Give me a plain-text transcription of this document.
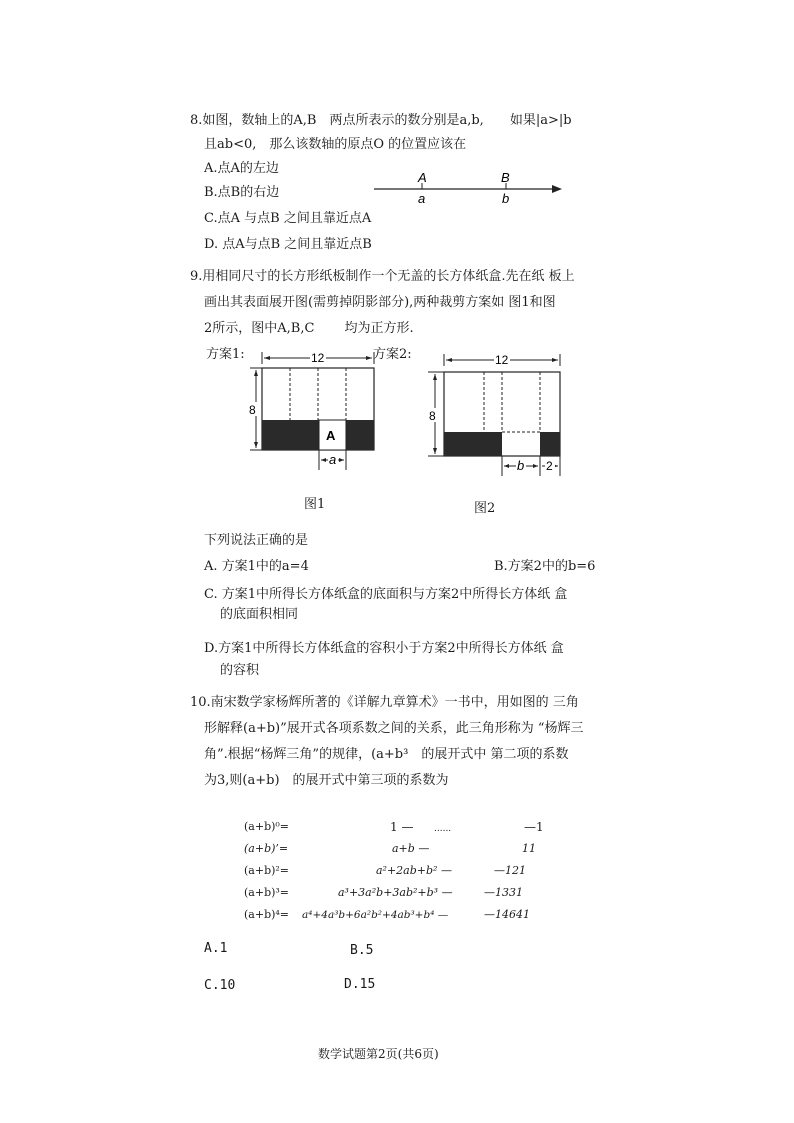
8.如图，数轴上的A,B　两点所表示的数分别是a,b,　　如果|a>|b
且ab<0,　那么该数轴的原点O 的位置应该在
A.点A的左边
B.点B的右边
C.点A 与点B 之间且靠近点A
D. 点A与点B 之间且靠近点B
A
a
B
b
9.用相同尺寸的长方形纸板制作一个无盖的长方体纸盒.先在纸 板上
画出其表面展开图(需剪掉阴影部分),两种裁剪方案如 图1和图
2所示，图中A,B,C　　 均为正方形.
方案1:	方案2:
12
8
A
a
图1
12
8
b 2
图2
下列说法正确的是
A. 方案1中的a=4	B.方案2中的b=6
C. 方案1中所得长方体纸盒的底面积与方案2中所得长方体纸 盒
的底面积相同
D.方案1中所得长方体纸盒的容积小于方案2中所得长方体纸 盒
的容积
10.南宋数学家杨辉所著的《详解九章算术》一书中，用如图的 三角
形解释(a+b)”展开式各项系数之间的关系，此三角形称为 “杨辉三
角”.根据“杨辉三角”的规律，(a+b³　的展开式中 第二项的系数
为3,则(a+b)　的展开式中第三项的系数为
(a+b)⁰=	1 — ......	—1
(a+b)’=	a+b —	11
(a+b)²=	a²+2ab+b² —	—121
(a+b)³=	a³+3a²b+3ab²+b³ —	—1331
(a+b)⁴= a⁴+4a³b+6a²b²+4ab³+b⁴ —	—14641
A.1	B.5
C.10	D.15
数学试题第2页(共6页)
